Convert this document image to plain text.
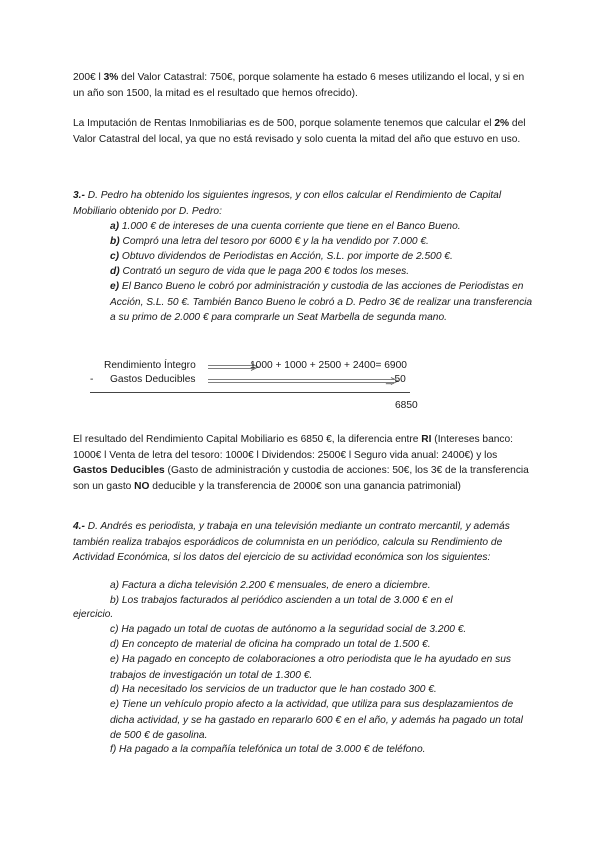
200€ l 3% del Valor Catastral: 750€, porque solamente ha estado 6 meses utilizando el local, y si en un año son 1500, la mitad es el resultado que hemos ofrecido).

La Imputación de Rentas Inmobiliarias es de 500, porque solamente tenemos que calcular el 2% del Valor Catastral del local, ya que no está revisado y solo cuenta la mitad del año que estuvo en uso.

3.- D. Pedro ha obtenido los siguientes ingresos, y con ellos calcular el Rendimiento de Capital Mobiliario obtenido por D. Pedro:

a) 1.000 € de intereses de una cuenta corriente que tiene en el Banco Bueno.

b) Compró una letra del tesoro por 6000 € y la ha vendido por 7.000 €.

c) Obtuvo dividendos de Periodistas en Acción, S.L. por importe de 2.500 €.

d) Contrató un seguro de vida que le paga 200 € todos los meses.

e) El Banco Bueno le cobró por administración y custodia de las acciones de Periodistas en Acción, S.L. 50 €. También Banco Bueno le cobró a D. Pedro 3€ de realizar una transferencia a su primo de 2.000 € para comprarle un Seat Marbella de segunda mano.

Rendimiento Íntegro	1000 + 1000 + 2500 + 2400= 6900
- Gastos Deducibles	_ 50
6850

El resultado del Rendimiento Capital Mobiliario es 6850 €, la diferencia entre RI (Intereses banco: 1000€ l Venta de letra del tesoro: 1000€ l Dividendos: 2500€ l Seguro vida anual: 2400€) y los Gastos Deducibles (Gasto de administración y custodia de acciones: 50€, los 3€ de la transferencia son un gasto NO deducible y la transferencia de 2000€ son una ganancia patrimonial)

4.- D. Andrés es periodista, y trabaja en una televisión mediante un contrato mercantil, y además también realiza trabajos esporádicos de columnista en un periódico, calcula su Rendimiento de Actividad Económica, si los datos del ejercicio de su actividad económica son los siguientes:

a) Factura a dicha televisión 2.200 € mensuales, de enero a diciembre.

b) Los trabajos facturados al periódico ascienden a un total de 3.000 € en el

ejercicio.

c) Ha pagado un total de cuotas de autónomo a la seguridad social de 3.200 €.

d) En concepto de material de oficina ha comprado un total de 1.500 €.

e) Ha pagado en concepto de colaboraciones a otro periodista que le ha ayudado en sus trabajos de investigación un total de 1.300 €.

d) Ha necesitado los servicios de un traductor que le han costado 300 €.

e) Tiene un vehículo propio afecto a la actividad, que utiliza para sus desplazamientos de dicha actividad, y se ha gastado en repararlo 600 € en el año, y además ha pagado un total de 500 € de gasolina.

f) Ha pagado a la compañía telefónica un total de 3.000 € de teléfono.
